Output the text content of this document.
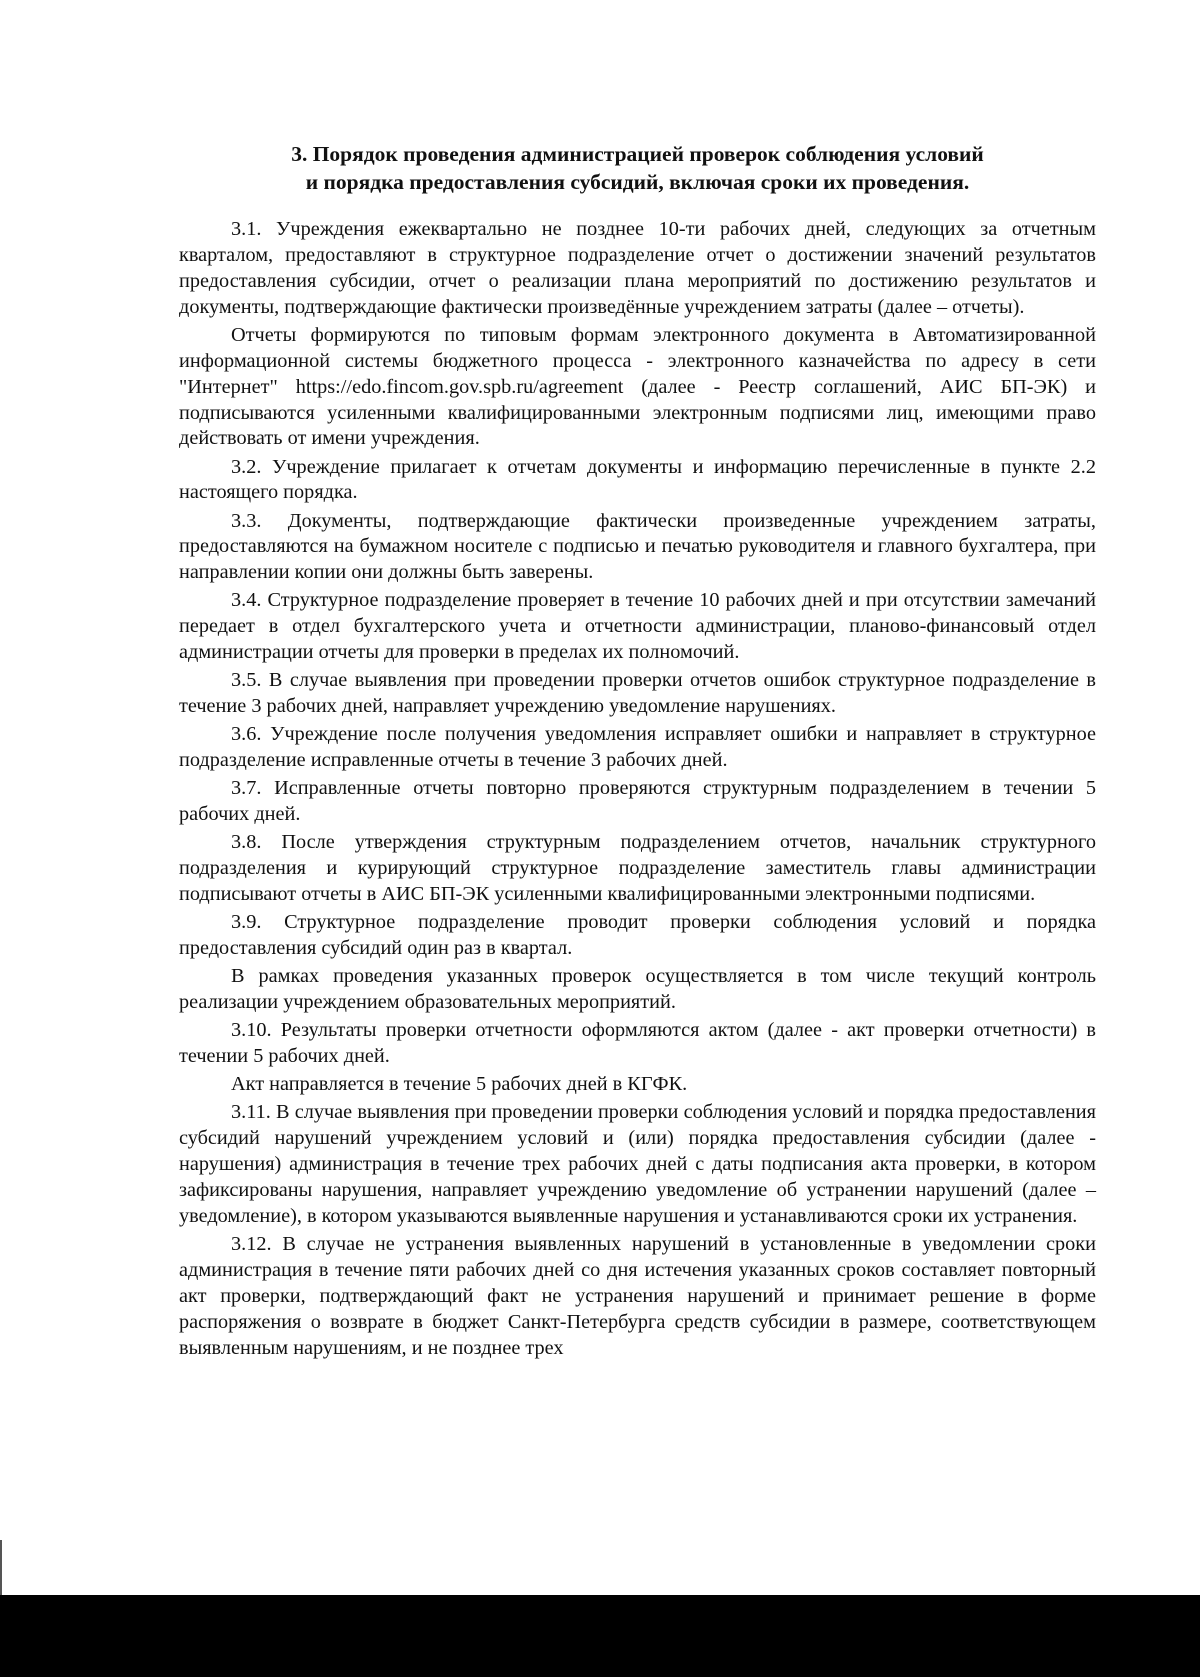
3. Порядок проведения администрацией проверок соблюдения условий
и порядка предоставления субсидий, включая сроки их проведения.

3.1. Учреждения ежеквартально не позднее 10-ти рабочих дней, следующих за отчетным кварталом, предоставляют в структурное подразделение отчет о достижении значений результатов предоставления субсидии, отчет о реализации плана мероприятий по достижению результатов и документы, подтверждающие фактически произведённые учреждением затраты (далее – отчеты).

Отчеты формируются по типовым формам электронного документа в Автоматизированной информационной системы бюджетного процесса - электронного казначейства по адресу в сети "Интернет" https://edo.fincom.gov.spb.ru/agreement (далее - Реестр соглашений, АИС БП-ЭК) и подписываются усиленными квалифицированными электронным подписями лиц, имеющими право действовать от имени учреждения.

3.2. Учреждение прилагает к отчетам документы и информацию перечисленные в пункте 2.2 настоящего порядка.

3.3. Документы, подтверждающие фактически произведенные учреждением затраты, предоставляются на бумажном носителе с подписью и печатью руководителя и главного бухгалтера, при направлении копии они должны быть заверены.

3.4. Структурное подразделение проверяет в течение 10 рабочих дней и при отсутствии замечаний передает в отдел бухгалтерского учета и отчетности администрации, планово-финансовый отдел администрации отчеты для проверки в пределах их полномочий.

3.5. В случае выявления при проведении проверки отчетов ошибок структурное подразделение в течение 3 рабочих дней, направляет учреждению уведомление нарушениях.

3.6. Учреждение после получения уведомления исправляет ошибки и направляет в структурное подразделение исправленные отчеты в течение 3 рабочих дней.

3.7. Исправленные отчеты повторно проверяются структурным подразделением в течении 5 рабочих дней.

3.8. После утверждения структурным подразделением отчетов, начальник структурного подразделения и курирующий структурное подразделение заместитель главы администрации подписывают отчеты в АИС БП-ЭК усиленными квалифицированными электронными подписями.

3.9. Структурное подразделение проводит проверки соблюдения условий и порядка предоставления субсидий один раз в квартал.

В рамках проведения указанных проверок осуществляется в том числе текущий контроль реализации учреждением образовательных мероприятий.

3.10. Результаты проверки отчетности оформляются актом (далее - акт проверки отчетности) в течении 5 рабочих дней.

Акт направляется в течение 5 рабочих дней в КГФК.

3.11. В случае выявления при проведении проверки соблюдения условий и порядка предоставления субсидий нарушений учреждением условий и (или) порядка предоставления субсидии (далее - нарушения) администрация в течение трех рабочих дней с даты подписания акта проверки, в котором зафиксированы нарушения, направляет учреждению уведомление об устранении нарушений (далее – уведомление), в котором указываются выявленные нарушения и устанавливаются сроки их устранения.

3.12. В случае не устранения выявленных нарушений в установленные в уведомлении сроки администрация в течение пяти рабочих дней со дня истечения указанных сроков составляет повторный акт проверки, подтверждающий факт не устранения нарушений и принимает решение в форме распоряжения о возврате в бюджет Санкт-Петербурга средств субсидии в размере, соответствующем выявленным нарушениям, и не позднее трех
